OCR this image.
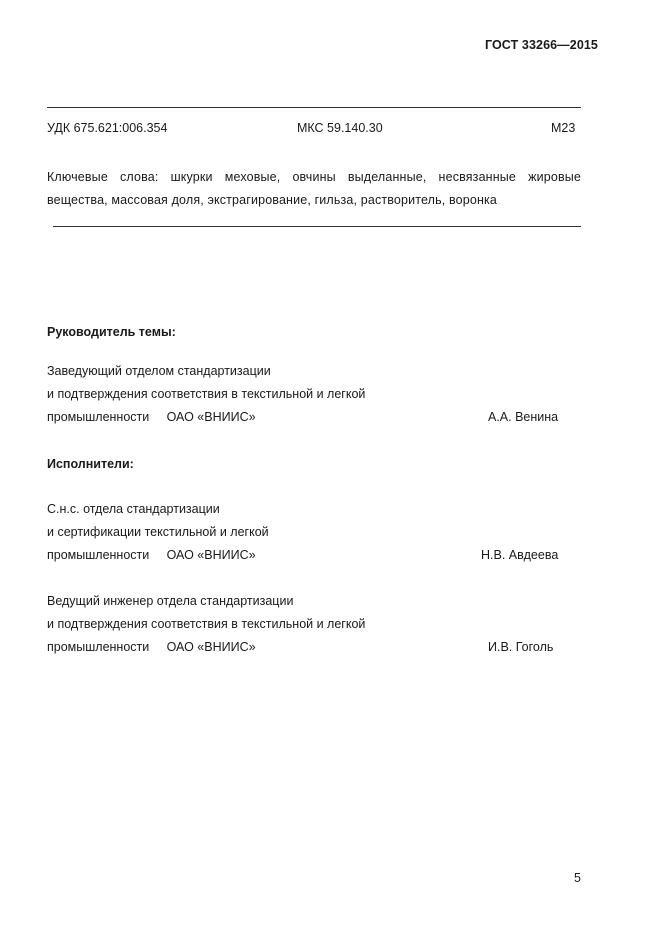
ГОСТ 33266—2015
УДК 675.621:006.354	МКС 59.140.30	М23
Ключевые слова: шкурки меховые, овчины выделанные, несвязанные жировые вещества, массовая доля, экстрагирование, гильза, растворитель, воронка
Руководитель темы:
Заведующий отделом стандартизации
и подтверждения соответствия в текстильной и легкой
промышленности     ОАО «ВНИИС»	А.А. Венина
Исполнители:
С.н.с. отдела стандартизации
и сертификации текстильной и легкой
промышленности     ОАО «ВНИИС»	Н.В. Авдеева
Ведущий инженер отдела стандартизации
и подтверждения соответствия в текстильной и легкой
промышленности     ОАО «ВНИИС»	И.В. Гоголь
5
